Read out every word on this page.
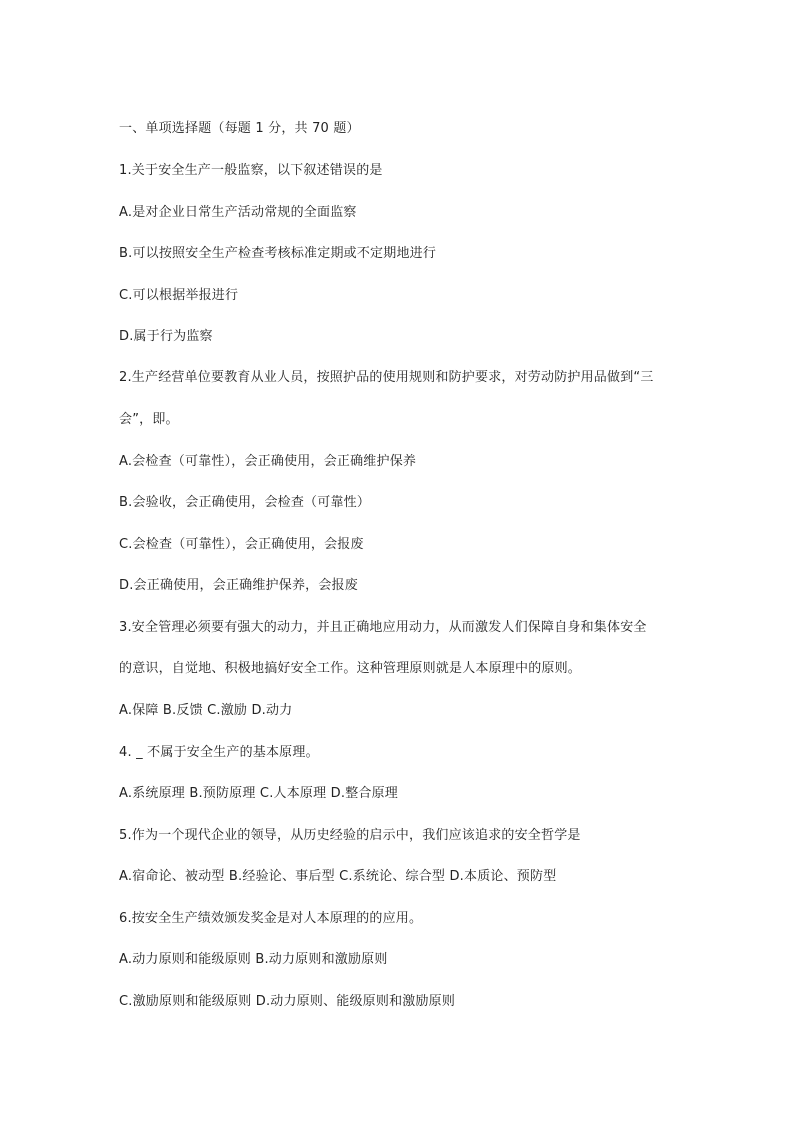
一、单项选择题（每题 1 分，共 70 题）
1.关于安全生产一般监察，以下叙述错误的是
A.是对企业日常生产活动常规的全面监察
B.可以按照安全生产检查考核标准定期或不定期地进行
C.可以根据举报进行
D.属于行为监察
2.生产经营单位要教育从业人员，按照护品的使用规则和防护要求，对劳动防护用品做到“三
会”，即。
A.会检查（可靠性），会正确使用，会正确维护保养
B.会验收，会正确使用，会检查（可靠性）
C.会检查（可靠性），会正确使用，会报废
D.会正确使用，会正确维护保养，会报废
3.安全管理必须要有强大的动力，并且正确地应用动力，从而激发人们保障自身和集体安全
的意识，自觉地、积极地搞好安全工作。这种管理原则就是人本原理中的原则。
A.保障 B.反馈 C.激励 D.动力
4. _ 不属于安全生产的基本原理。
A.系统原理 B.预防原理 C.人本原理 D.整合原理
5.作为一个现代企业的领导，从历史经验的启示中，我们应该追求的安全哲学是
A.宿命论、被动型 B.经验论、事后型 C.系统论、综合型 D.本质论、预防型
6.按安全生产绩效颁发奖金是对人本原理的的应用。
A.动力原则和能级原则 B.动力原则和激励原则
C.激励原则和能级原则 D.动力原则、能级原则和激励原则
